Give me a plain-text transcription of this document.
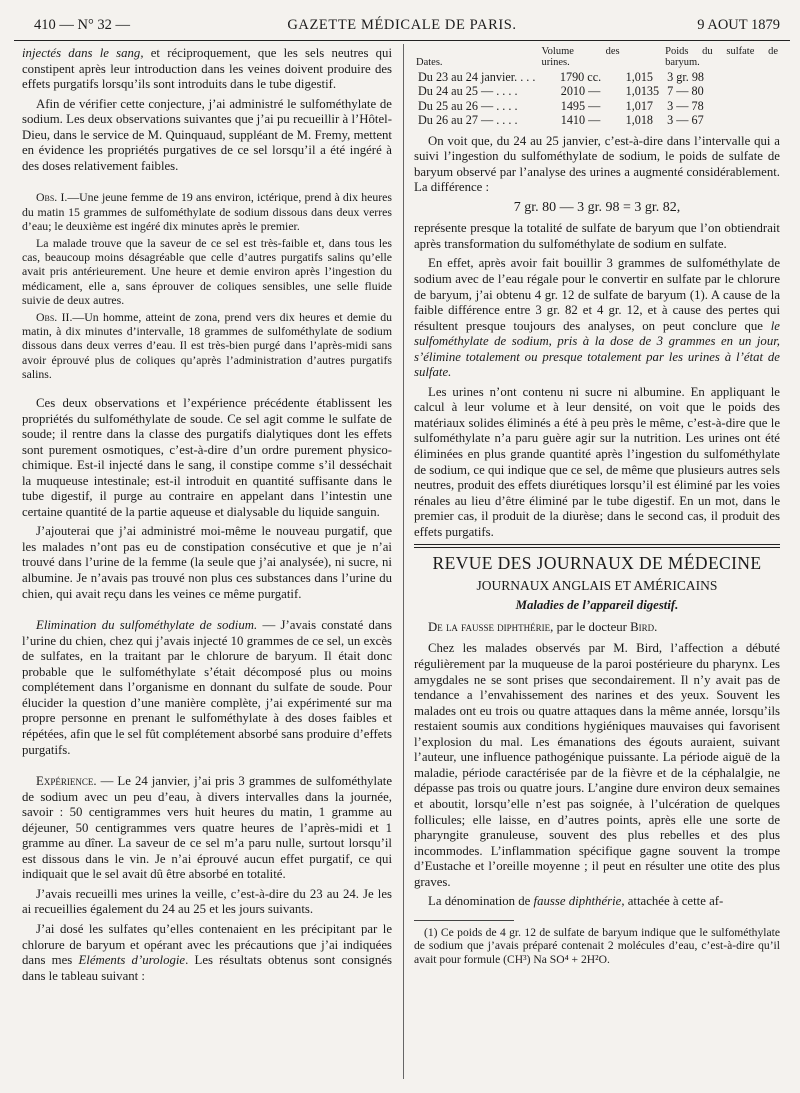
410 — N° 32 —	GAZETTE MÉDICALE DE PARIS.	9 AOUT 1879

injectés dans le sang, et réciproquement, que les sels neutres qui constipent après leur introduction dans les veines doivent produire des effets purgatifs lorsqu’ils sont introduits dans le tube digestif.

Afin de vérifier cette conjecture, j’ai administré le sulfométhylate de sodium. Les deux observations suivantes que j’ai pu recueillir à l’Hôtel-Dieu, dans le service de M. Quinquaud, suppléant de M. Fremy, mettent en évidence les propriétés purgatives de ce sel lorsqu’il a été ingéré à des doses relativement faibles.

Obs. I.—Une jeune femme de 19 ans environ, ictérique, prend à dix heures du matin 15 grammes de sulfométhylate de sodium dissous dans deux verres d’eau; le deuxième est ingéré dix minutes après le premier.

La malade trouve que la saveur de ce sel est très-faible et, dans tous les cas, beaucoup moins désagréable que celle d’autres purgatifs salins qu’elle avait pris antérieurement. Une heure et demie environ après l’ingestion du médicament, elle a, sans éprouver de coliques sensibles, une selle fluide suivie de deux autres.

Obs. II.—Un homme, atteint de zona, prend vers dix heures et demie du matin, à dix minutes d’intervalle, 18 grammes de sulfométhylate de sodium dissous dans deux verres d’eau. Il est très-bien purgé dans l’après-midi sans avoir éprouvé plus de coliques qu’après l’administration d’autres purgatifs salins.

Ces deux observations et l’expérience précédente établissent les propriétés du sulfométhylate de soude. Ce sel agit comme le sulfate de soude; il rentre dans la classe des purgatifs dialytiques dont les effets sont purement osmotiques, c’est-à-dire d’un ordre purement physico-chimique. Est-il injecté dans le sang, il constipe comme s’il desséchait la muqueuse intestinale; est-il introduit en quantité suffisante dans le tube digestif, il purge au contraire en appelant dans l’intestin une certaine quantité de la partie aqueuse et dialysable du liquide sanguin.

J’ajouterai que j’ai administré moi-même le nouveau purgatif, que les malades n’ont pas eu de constipation consécutive et que je n’ai trouvé dans l’urine de la femme (la seule que j’ai analysée), ni sucre, ni albumine. Je n’avais pas trouvé non plus ces substances dans l’urine du chien, qui avait reçu dans les veines ce même purgatif.

Elimination du sulfométhylate de sodium. — J’avais constaté dans l’urine du chien, chez qui j’avais injecté 10 grammes de ce sel, un excès de sulfates, en la traitant par le chlorure de baryum. Il était donc probable que le sulfométhylate s’était décomposé plus ou moins complétement dans l’organisme en donnant du sulfate de soude. Pour élucider la question d’une manière complète, j’ai expérimenté sur ma propre personne en prenant le sulfométhylate à des doses faibles et répétées, afin que le sel fût complétement absorbé sans produire d’effets purgatifs.

Expérience. — Le 24 janvier, j’ai pris 3 grammes de sulfométhylate de sodium avec un peu d’eau, à divers intervalles dans la journée, savoir : 50 centigrammes vers huit heures du matin, 1 gramme au déjeuner, 50 centigrammes vers quatre heures de l’après-midi et 1 gramme au dîner. La saveur de ce sel m’a paru nulle, surtout lorsqu’il est dissous dans le vin. Je n’ai éprouvé aucun effet purgatif, ce qui indiquait que le sel avait dû être absorbé en totalité.

J’avais recueilli mes urines la veille, c’est-à-dire du 23 au 24. Je les ai recueillies également du 24 au 25 et les jours suivants.

J’ai dosé les sulfates qu’elles contenaient en les précipitant par le chlorure de baryum et opérant avec les précautions que j’ai indiquées dans mes Eléments d’urologie. Les résultats obtenus sont consignés dans le tableau suivant :

Dates.	Volume des urines.		Poids du sulfate de baryum.
Du 23 au 24 janvier. . . .	1790 cc.	1,015	3 gr. 98
Du 24 au 25 — . . . .	2010 —	1,0135	7 — 80
Du 25 au 26 — . . . .	1495 —	1,017	3 — 78
Du 26 au 27 — . . . .	1410 —	1,018	3 — 67

On voit que, du 24 au 25 janvier, c’est-à-dire dans l’intervalle qui a suivi l’ingestion du sulfométhylate de sodium, le poids de sulfate de baryum observé par l’analyse des urines a augmenté considérablement. La différence :

7 gr. 80 — 3 gr. 98 = 3 gr. 82,

représente presque la totalité de sulfate de baryum que l’on obtiendrait après transformation du sulfométhylate de sodium en sulfate.

En effet, après avoir fait bouillir 3 grammes de sulfométhylate de sodium avec de l’eau régale pour le convertir en sulfate par le chlorure de baryum, j’ai obtenu 4 gr. 12 de sulfate de baryum (1). A cause de la faible différence entre 3 gr. 82 et 4 gr. 12, et à cause des pertes qui résultent presque toujours des analyses, on peut conclure que le sulfométhylate de sodium, pris à la dose de 3 grammes en un jour, s’élimine totalement ou presque totalement par les urines à l’état de sulfate.

Les urines n’ont contenu ni sucre ni albumine. En appliquant le calcul à leur volume et à leur densité, on voit que le poids des matériaux solides éliminés a été à peu près le même, c’est-à-dire que le sulfométhylate n’a paru guère agir sur la nutrition. Les urines ont été éliminées en plus grande quantité après l’ingestion du sulfométhylate de sodium, ce qui indique que ce sel, de même que plusieurs autres sels neutres, produit des effets diurétiques lorsqu’il est éliminé par les voies rénales au lieu d’être éliminé par le tube digestif. En un mot, dans le premier cas, il produit de la diurèse; dans le second cas, il produit des effets purgatifs.

REVUE DES JOURNAUX DE MÉDECINE
JOURNAUX ANGLAIS ET AMÉRICAINS
Maladies de l’appareil digestif.

De la fausse diphthérie, par le docteur Bird.

Chez les malades observés par M. Bird, l’affection a débuté régulièrement par la muqueuse de la paroi postérieure du pharynx. Les amygdales ne se sont prises que secondairement. Il n’y avait pas de tendance a l’envahissement des narines et des yeux. Souvent les malades ont eu trois ou quatre attaques dans la même année, lorsqu’ils restaient soumis aux conditions hygiéniques mauvaises qui favorisent l’explosion du mal. Les émanations des égouts auraient, suivant l’auteur, une influence pathogénique puissante. La période aiguë de la maladie, période caractérisée par de la fièvre et de la céphalalgie, ne dépasse pas trois ou quatre jours. L’angine dure environ deux semaines et aboutit, lorsqu’elle n’est pas soignée, à l’ulcération de quelques follicules; elle laisse, en d’autres points, après elle une sorte de pharyngite granuleuse, souvent des plus rebelles et des plus incommodes. L’inflammation spécifique gagne souvent la trompe d’Eustache et l’oreille moyenne ; il peut en résulter une otite des plus graves.

La dénomination de fausse diphthérie, attachée à cette af-

(1) Ce poids de 4 gr. 12 de sulfate de baryum indique que le sulfométhylate de sodium que j’avais préparé contenait 2 molécules d’eau, c’est-à-dire qu’il avait pour formule (CH³) Na SO⁴ + 2H²O.
